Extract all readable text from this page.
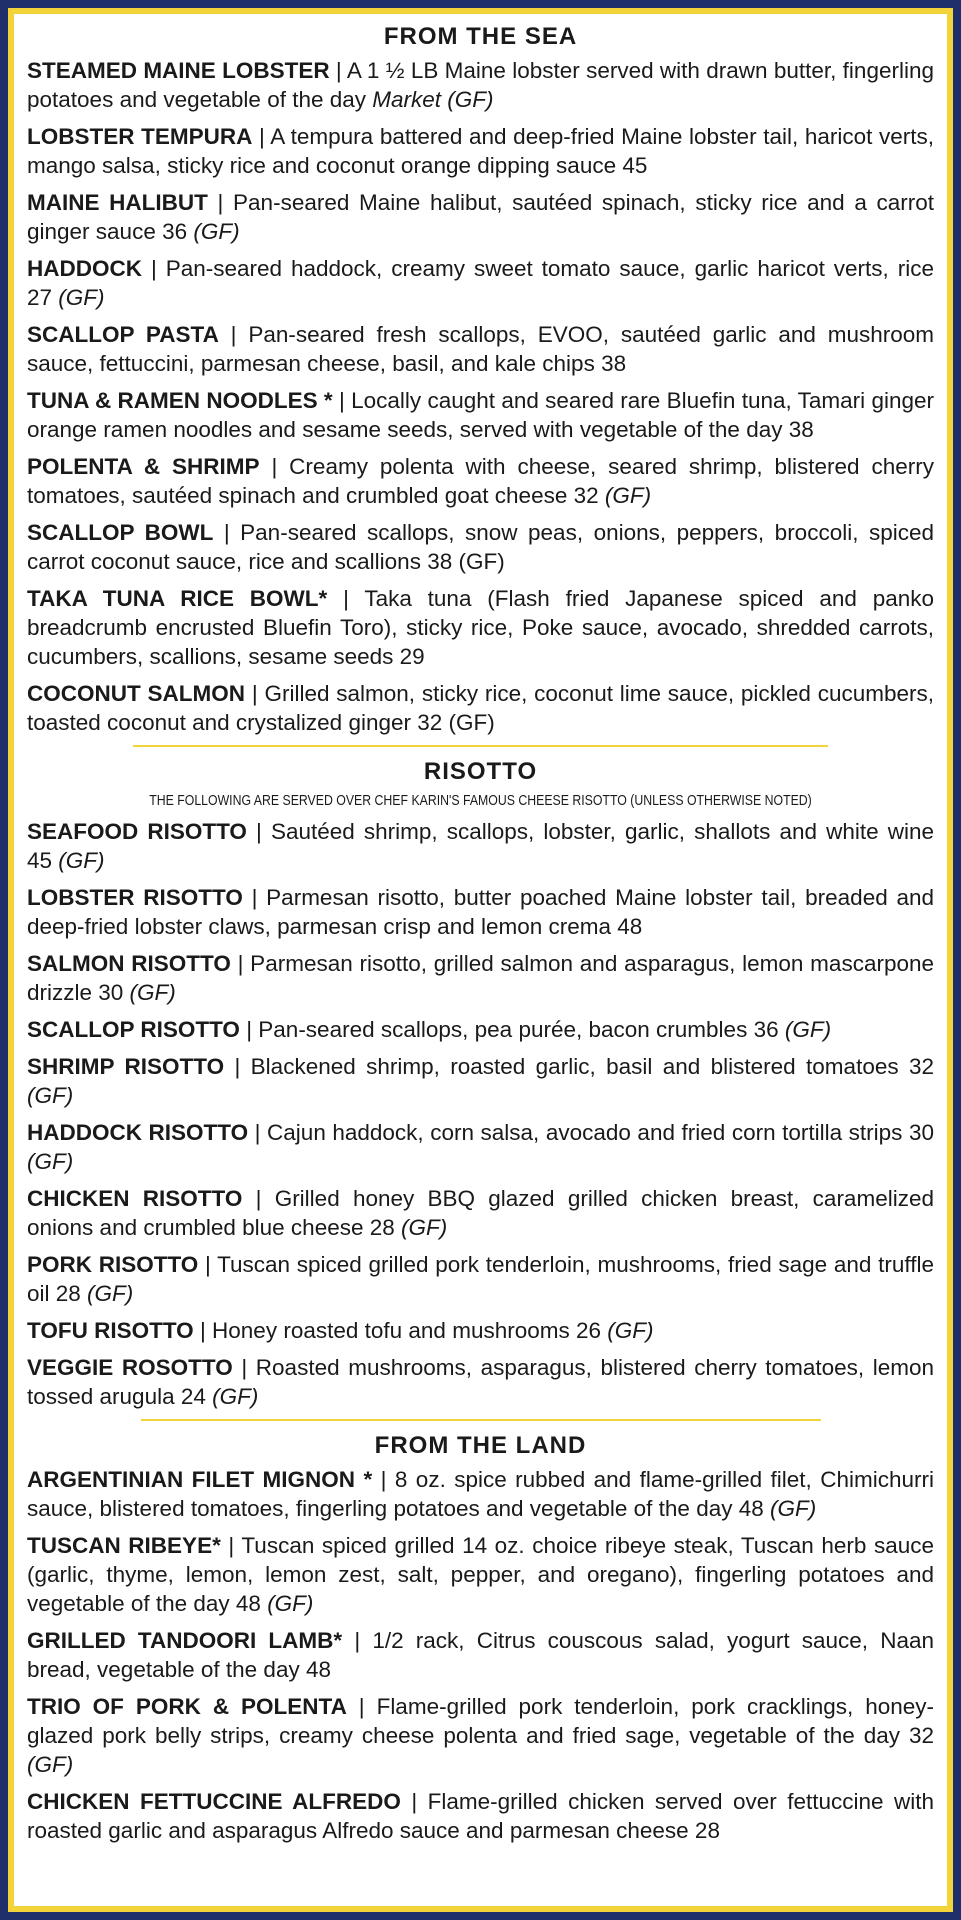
FROM THE SEA
STEAMED MAINE LOBSTER | A 1 ½ LB Maine lobster served with drawn butter, fingerling potatoes and vegetable of the day Market (GF)
LOBSTER TEMPURA | A tempura battered and deep-fried Maine lobster tail, haricot verts, mango salsa, sticky rice and coconut orange dipping sauce 45
MAINE HALIBUT | Pan-seared Maine halibut, sautéed spinach, sticky rice and a carrot ginger sauce 36 (GF)
HADDOCK | Pan-seared haddock, creamy sweet tomato sauce, garlic haricot verts, rice 27 (GF)
SCALLOP PASTA | Pan-seared fresh scallops, EVOO, sautéed garlic and mushroom sauce, fettuccini, parmesan cheese, basil, and kale chips 38
TUNA & RAMEN NOODLES * | Locally caught and seared rare Bluefin tuna, Tamari ginger orange ramen noodles and sesame seeds, served with vegetable of the day 38
POLENTA & SHRIMP | Creamy polenta with cheese, seared shrimp, blistered cherry tomatoes, sautéed spinach and crumbled goat cheese 32 (GF)
SCALLOP BOWL | Pan-seared scallops, snow peas, onions, peppers, broccoli, spiced carrot coconut sauce, rice and scallions 38 (GF)
TAKA TUNA RICE BOWL* | Taka tuna (Flash fried Japanese spiced and panko breadcrumb encrusted Bluefin Toro), sticky rice, Poke sauce, avocado, shredded carrots, cucumbers, scallions, sesame seeds 29
COCONUT SALMON | Grilled salmon, sticky rice, coconut lime sauce, pickled cucumbers, toasted coconut and crystalized ginger 32 (GF)
RISOTTO
THE FOLLOWING ARE SERVED OVER CHEF KARIN'S FAMOUS CHEESE RISOTTO (UNLESS OTHERWISE NOTED)
SEAFOOD RISOTTO | Sautéed shrimp, scallops, lobster, garlic, shallots and white wine 45 (GF)
LOBSTER RISOTTO | Parmesan risotto, butter poached Maine lobster tail, breaded and deep-fried lobster claws, parmesan crisp and lemon crema 48
SALMON RISOTTO | Parmesan risotto, grilled salmon and asparagus, lemon mascarpone drizzle 30 (GF)
SCALLOP RISOTTO | Pan-seared scallops, pea purée, bacon crumbles 36 (GF)
SHRIMP RISOTTO | Blackened shrimp, roasted garlic, basil and blistered tomatoes 32 (GF)
HADDOCK RISOTTO | Cajun haddock, corn salsa, avocado and fried corn tortilla strips 30 (GF)
CHICKEN RISOTTO | Grilled honey BBQ glazed grilled chicken breast, caramelized onions and crumbled blue cheese 28 (GF)
PORK RISOTTO | Tuscan spiced grilled pork tenderloin, mushrooms, fried sage and truffle oil 28 (GF)
TOFU RISOTTO | Honey roasted tofu and mushrooms 26 (GF)
VEGGIE ROSOTTO | Roasted mushrooms, asparagus, blistered cherry tomatoes, lemon tossed arugula 24 (GF)
FROM THE LAND
ARGENTINIAN FILET MIGNON * | 8 oz. spice rubbed and flame-grilled filet, Chimichurri sauce, blistered tomatoes, fingerling potatoes and vegetable of the day 48 (GF)
TUSCAN RIBEYE* | Tuscan spiced grilled 14 oz. choice ribeye steak, Tuscan herb sauce (garlic, thyme, lemon, lemon zest, salt, pepper, and oregano), fingerling potatoes and vegetable of the day 48 (GF)
GRILLED TANDOORI LAMB* | 1/2 rack, Citrus couscous salad, yogurt sauce, Naan bread, vegetable of the day 48
TRIO OF PORK & POLENTA | Flame-grilled pork tenderloin, pork cracklings, honey-glazed pork belly strips, creamy cheese polenta and fried sage, vegetable of the day 32 (GF)
CHICKEN FETTUCCINE ALFREDO | Flame-grilled chicken served over fettuccine with roasted garlic and asparagus Alfredo sauce and parmesan cheese 28
